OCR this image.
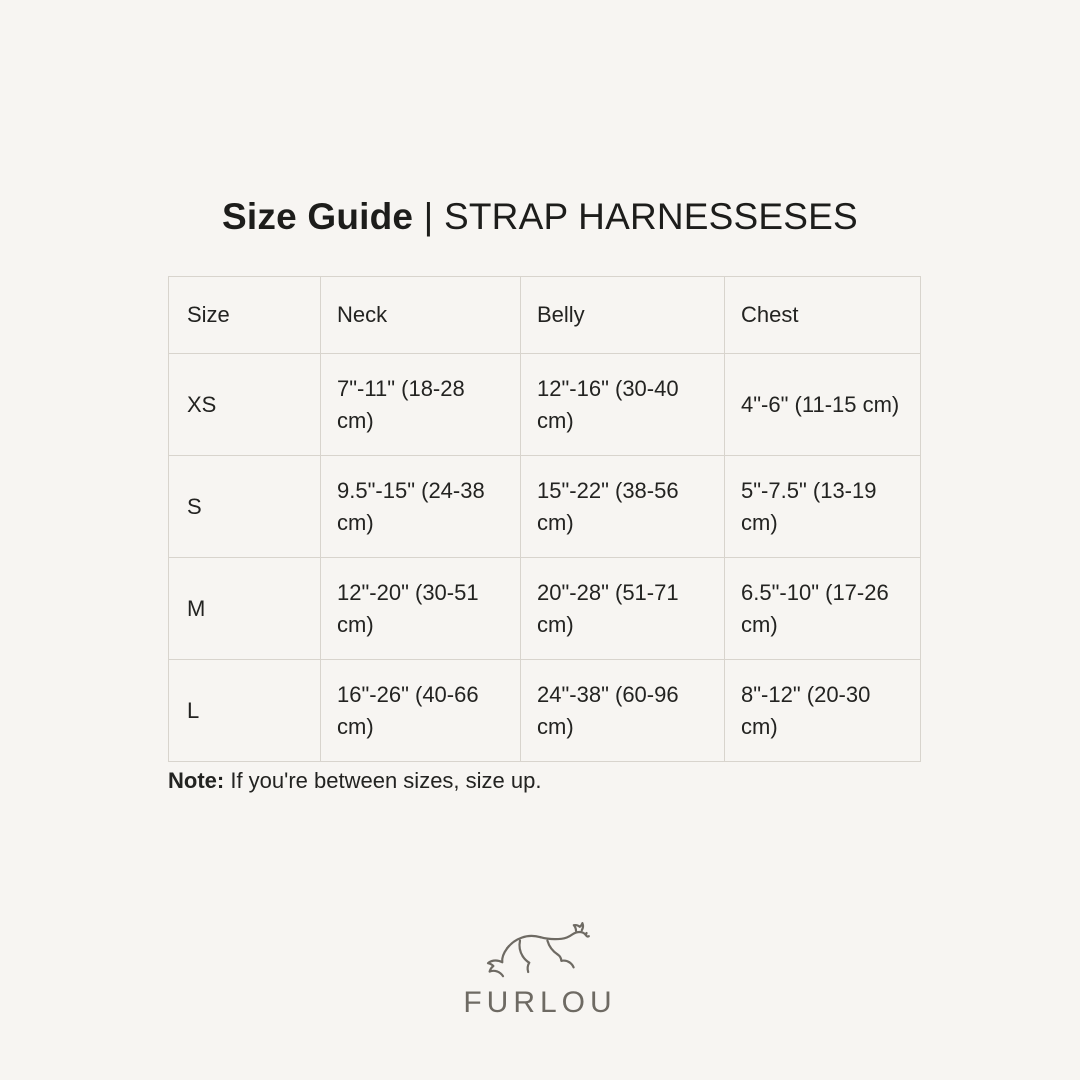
Size Guide | STRAP HARNESSESES
Size	Neck	Belly	Chest
XS	7"-11" (18-28 cm)	12"-16" (30-40 cm)	4"-6" (11-15 cm)
S	9.5"-15" (24-38 cm)	15"-22" (38-56 cm)	5"-7.5" (13-19 cm)
M	12"-20" (30-51 cm)	20"-28" (51-71 cm)	6.5"-10" (17-26 cm)
L	16"-26" (40-66 cm)	24"-38" (60-96 cm)	8"-12" (20-30 cm)
Note: If you're between sizes, size up.
FURLOU
